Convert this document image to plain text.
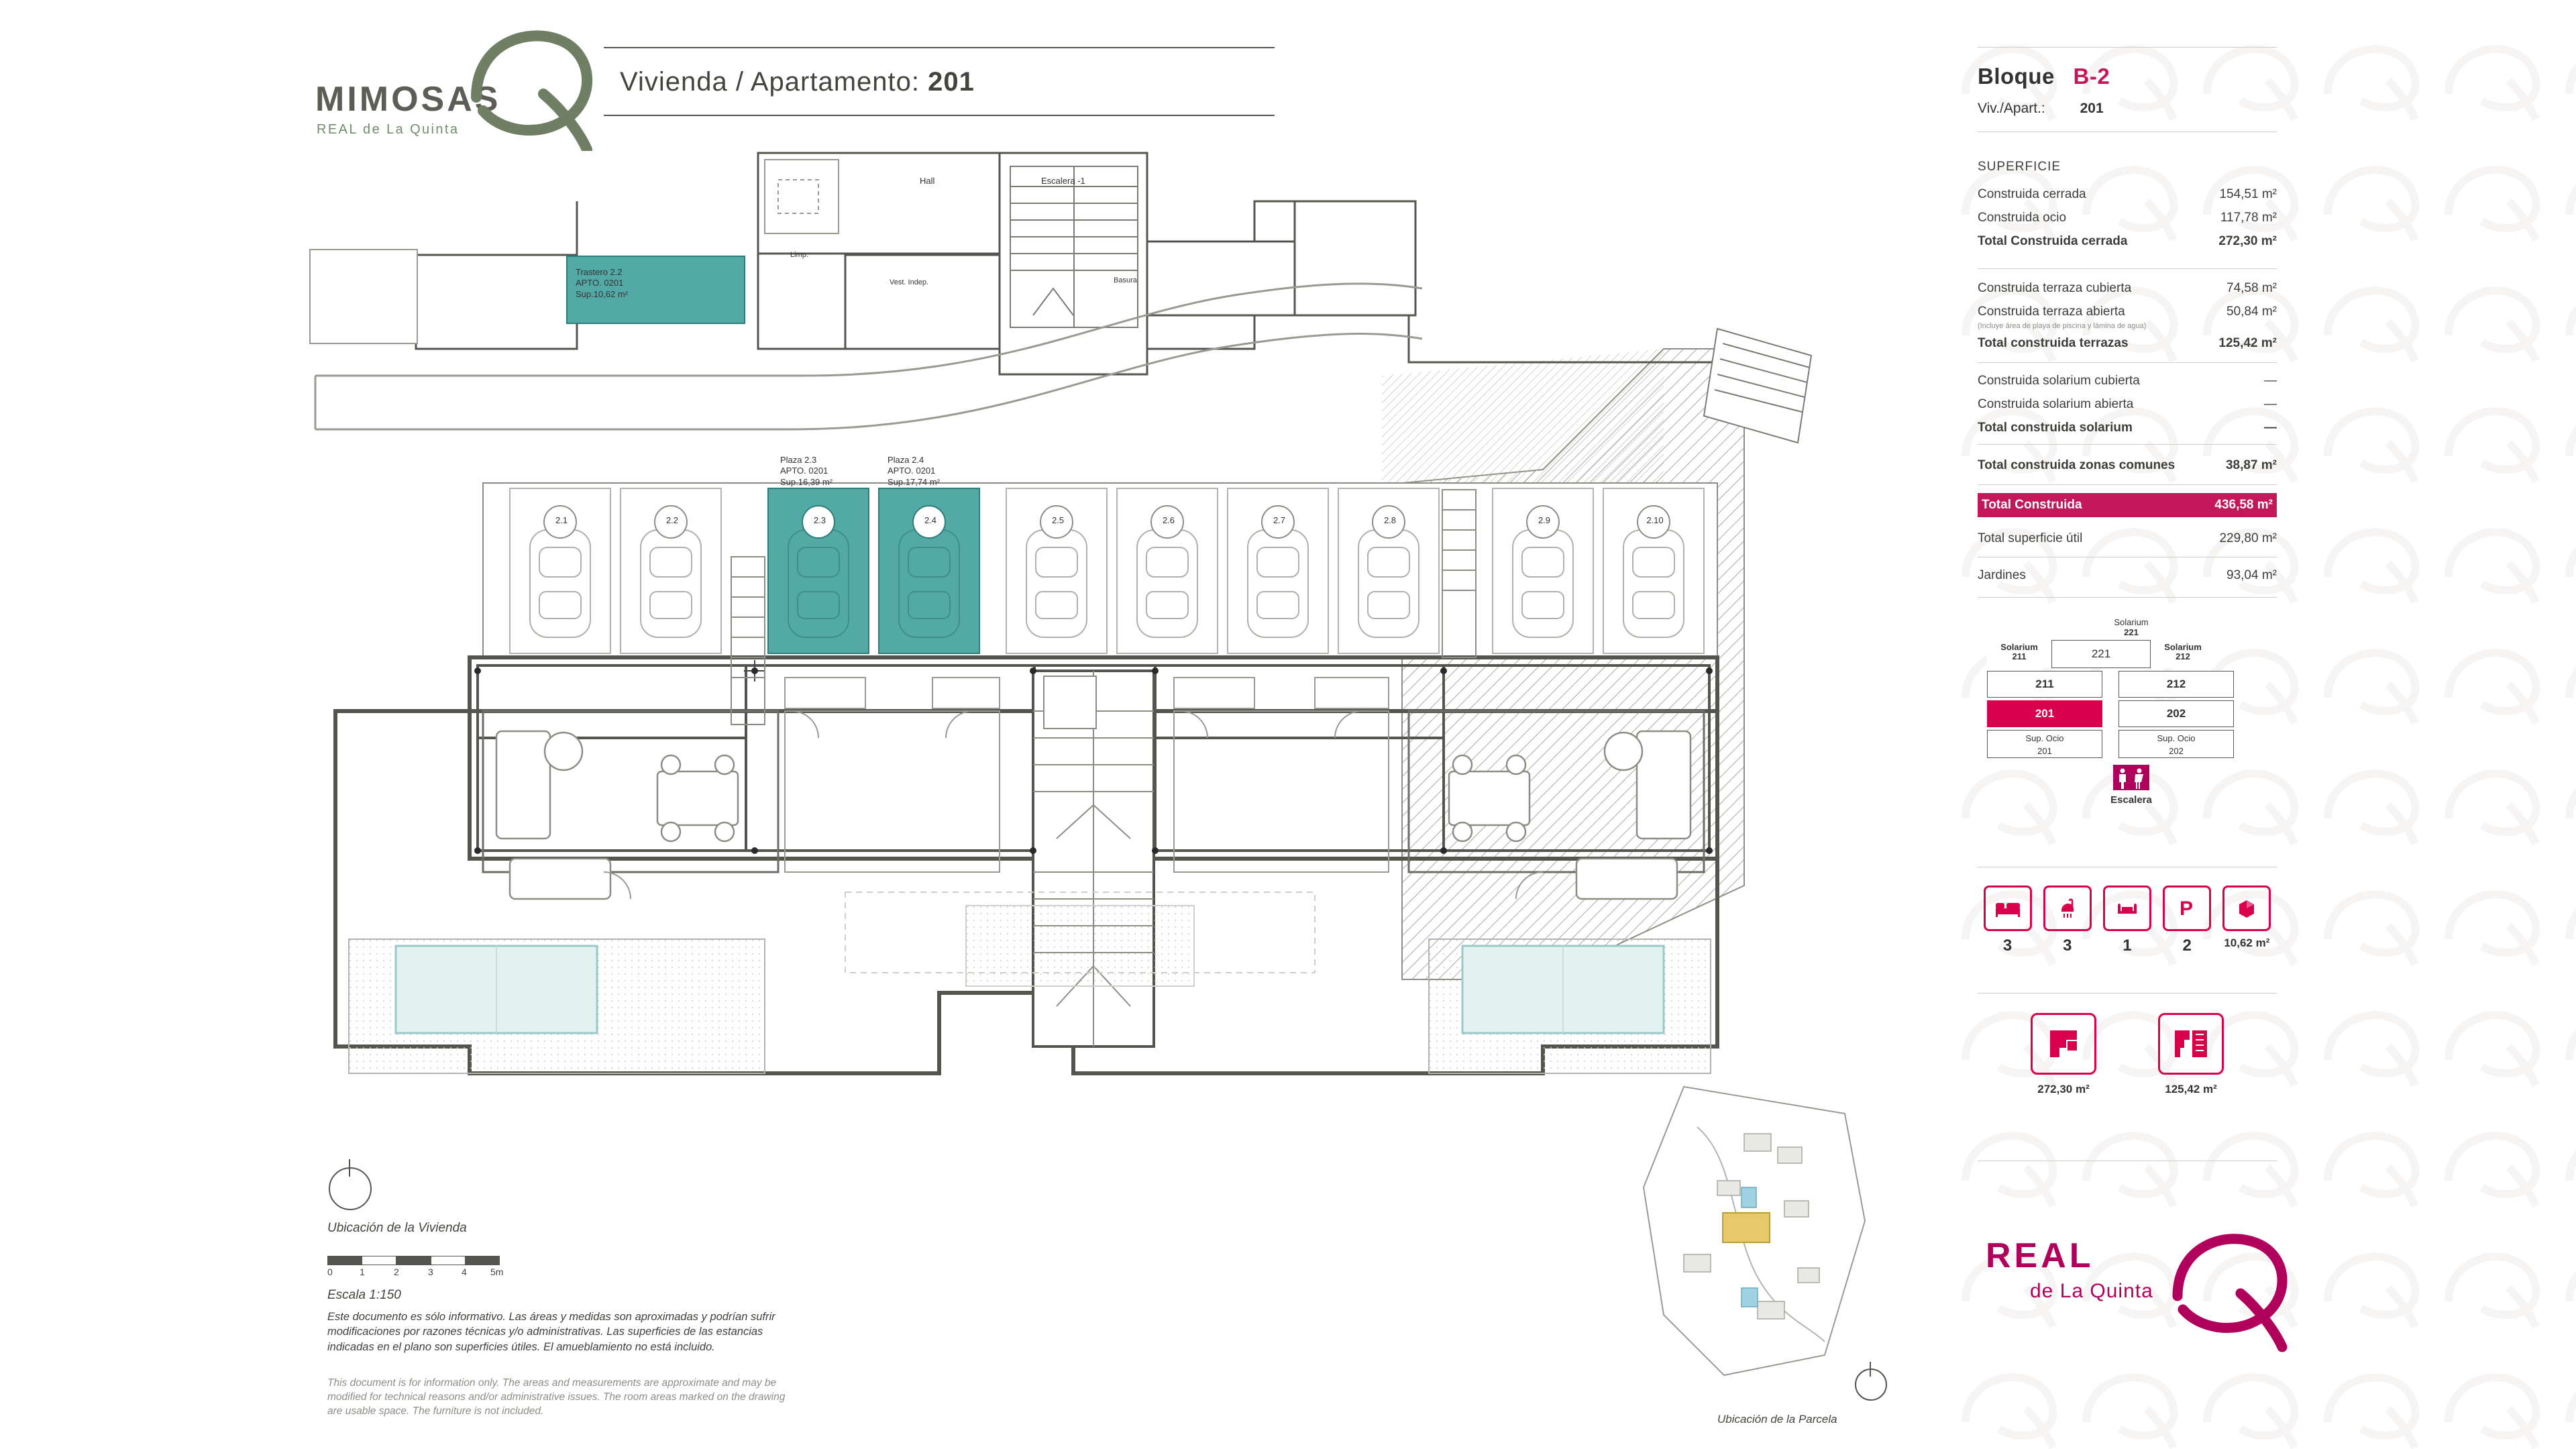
MIMOSAS
REAL de La Quinta
Vivienda / Apartamento: 201
Trastero 2.2
APTO. 0201
Sup.10,62 m²
Hall	Escalera -1
Limp.
Vest. Indep.	Basura
Plaza 2.3
APTO. 0201
Sup.16,39 m²
Plaza 2.4
APTO. 0201
Sup.17,74 m²
2.1	2.2	2.3	2.4	2.5	2.6	2.7	2.8	2.9	2.10
Ubicación de la Vivienda
0	1	2	3	4	5m
Escala 1:150
Este documento es sólo informativo. Las áreas y medidas son aproximadas y podrían sufrir modificaciones por razones técnicas y/o administrativas. Las superficies de las estancias indicadas en el plano son superficies útiles. El amueblamiento no está incluido.
This document is for information only. The areas and measurements are approximate and may be modified for technical reasons and/or administrative issues. The room areas marked on the drawing are usable space. The furniture is not included.
Ubicación de la Parcela
Bloque B-2
Viv./Apart.: 201
SUPERFICIE
Construida cerrada	154,51 m²
Construida ocio	117,78 m²
Total Construida cerrada	272,30 m²
Construida terraza cubierta	74,58 m²
Construida terraza abierta	50,84 m²
(Incluye área de playa de piscina y lámina de agua)
Total construida terrazas	125,42 m²
Construida solarium cubierta	—
Construida solarium abierta	—
Total construida solarium	—
Total construida zonas comunes	38,87 m²
Total Construida	436,58 m²
Total superficie útil	229,80 m²
Jardines	93,04 m²
Solarium
221
Solarium
211	221
Solarium
212
211	212
201	202
Sup. Ocio
201
Sup. Ocio
202
Escalera
3	3	1
P
2	10,62 m²
272,30 m²	125,42 m²
REAL
de La Quinta
